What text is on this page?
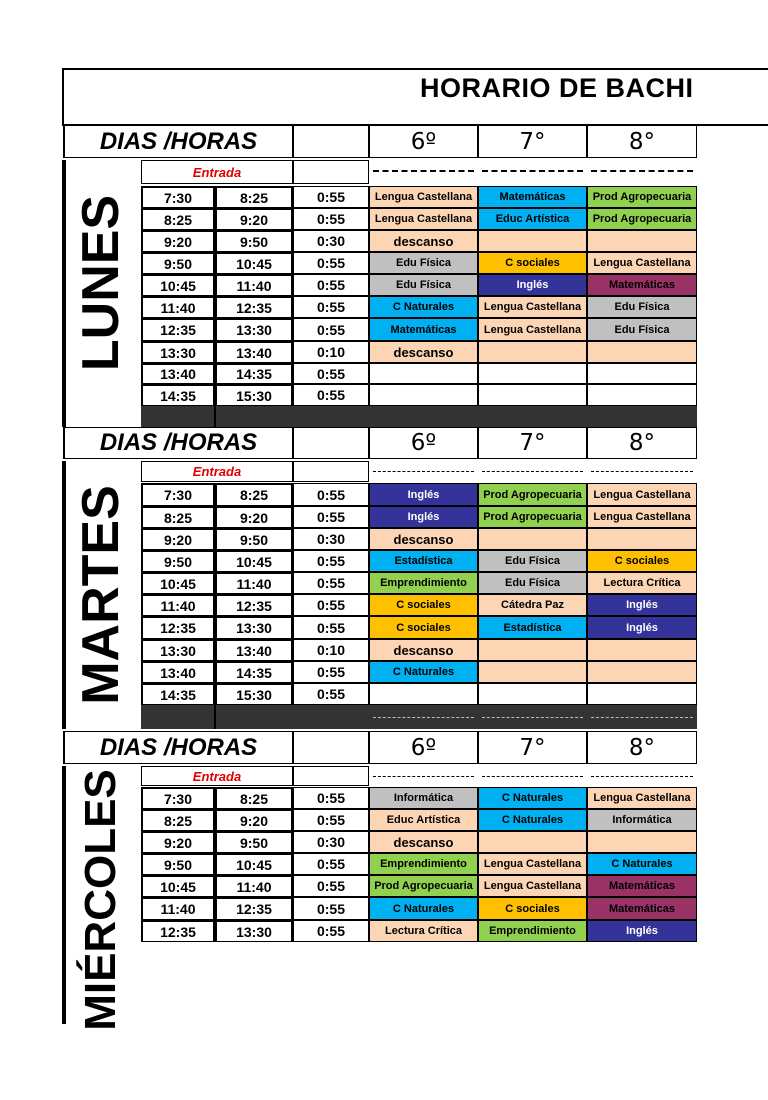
HORARIO DE BACHI
DIAS /HORAS	6º	7°	8°
Entrada
LUNES	7:30	8:25	0:55	Lengua Castellana	Matemáticas	Prod Agropecuaria
8:25	9:20	0:55	Lengua Castellana	Educ Artística	Prod Agropecuaria
9:20	9:50	0:30	descanso
9:50	10:45	0:55	Edu Física	C sociales	Lengua Castellana
10:45	11:40	0:55	Edu Física	Inglés	Matemáticas
11:40	12:35	0:55	C Naturales	Lengua Castellana	Edu Física
12:35	13:30	0:55	Matemáticas	Lengua Castellana	Edu Física
13:30	13:40	0:10	descanso
13:40	14:35	0:55
14:35	15:30	0:55
DIAS /HORAS	6º	7°	8°
Entrada
MARTES	7:30	8:25	0:55	Inglés	Prod Agropecuaria	Lengua Castellana
8:25	9:20	0:55	Inglés	Prod Agropecuaria	Lengua Castellana
9:20	9:50	0:30	descanso
9:50	10:45	0:55	Estadística	Edu Física	C sociales
10:45	11:40	0:55	Emprendimiento	Edu Física	Lectura Crítica
11:40	12:35	0:55	C sociales	Cátedra Paz	Inglés
12:35	13:30	0:55	C sociales	Estadística	Inglés
13:30	13:40	0:10	descanso
13:40	14:35	0:55	C Naturales
14:35	15:30	0:55
DIAS /HORAS	6º	7°	8°
Entrada
MIÉRCOLES	7:30	8:25	0:55	Informática	C Naturales	Lengua Castellana
8:25	9:20	0:55	Educ Artística	C Naturales	Informática
9:20	9:50	0:30	descanso
9:50	10:45	0:55	Emprendimiento	Lengua Castellana	C Naturales
10:45	11:40	0:55	Prod Agropecuaria	Lengua Castellana	Matemáticas
11:40	12:35	0:55	C Naturales	C sociales	Matemáticas
12:35	13:30	0:55	Lectura Crítica	Emprendimiento	Inglés
